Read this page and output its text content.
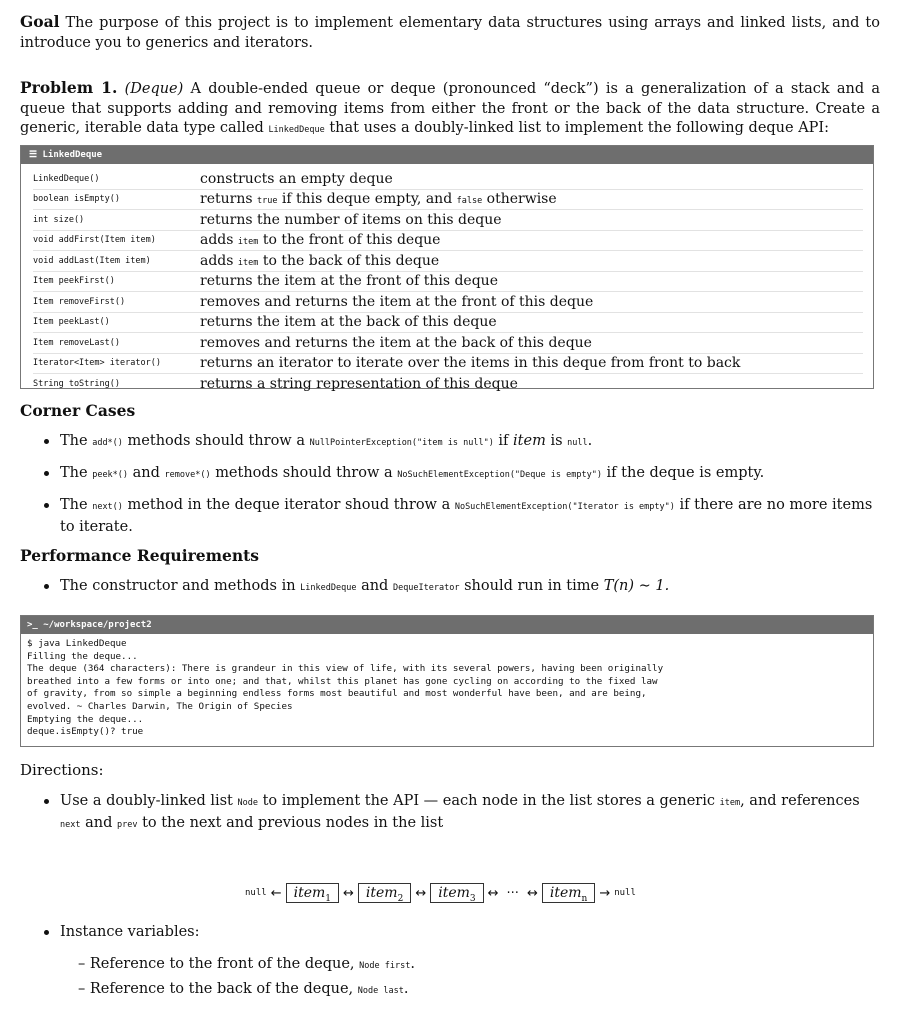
Goal The purpose of this project is to implement elementary data structures using arrays and linked lists, and to introduce you to generics and iterators.
Problem 1. (Deque) A double-ended queue or deque (pronounced “deck”) is a generalization of a stack and a queue that supports adding and removing items from either the front or the back of the data structure. Create a generic, iterable data type called LinkedDeque that uses a doubly-linked list to implement the following deque API:
☰ LinkedDeque
LinkedDeque()	constructs an empty deque
boolean isEmpty()	returns true if this deque empty, and false otherwise
int size()	returns the number of items on this deque
void addFirst(Item item)	adds item to the front of this deque
void addLast(Item item)	adds item to the back of this deque
Item peekFirst()	returns the item at the front of this deque
Item removeFirst()	removes and returns the item at the front of this deque
Item peekLast()	returns the item at the back of this deque
Item removeLast()	removes and returns the item at the back of this deque
Iterator<Item> iterator()	returns an iterator to iterate over the items in this deque from front to back
String toString()	returns a string representation of this deque
Corner Cases
The add*() methods should throw a NullPointerException("item is null") if item is null.
The peek*() and remove*() methods should throw a NoSuchElementException("Deque is empty") if the deque is empty.
The next() method in the deque iterator shoud throw a NoSuchElementException("Iterator is empty") if there are no more items to iterate.
Performance Requirements
The constructor and methods in LinkedDeque and DequeIterator should run in time T(n) ∼ 1.
>_ ~/workspace/project2
$ java LinkedDeque
Filling the deque...
The deque (364 characters): There is grandeur in this view of life, with its several powers, having been originally
breathed into a few forms or into one; and that, whilst this planet has gone cycling on according to the fixed law
of gravity, from so simple a beginning endless forms most beautiful and most wonderful have been, and are being,
evolved. ~ Charles Darwin, The Origin of Species
Emptying the deque...
deque.isEmpty()? true
Directions:
Use a doubly-linked list Node to implement the API — each node in the list stores a generic item, and references next and prev to the next and previous nodes in the list
null ← item$_1$ ↔ item$_2$ ↔ item$_3$ ↔ ··· ↔ item$_n$ → null
Instance variables:
– Reference to the front of the deque, Node first.
– Reference to the back of the deque, Node last.
